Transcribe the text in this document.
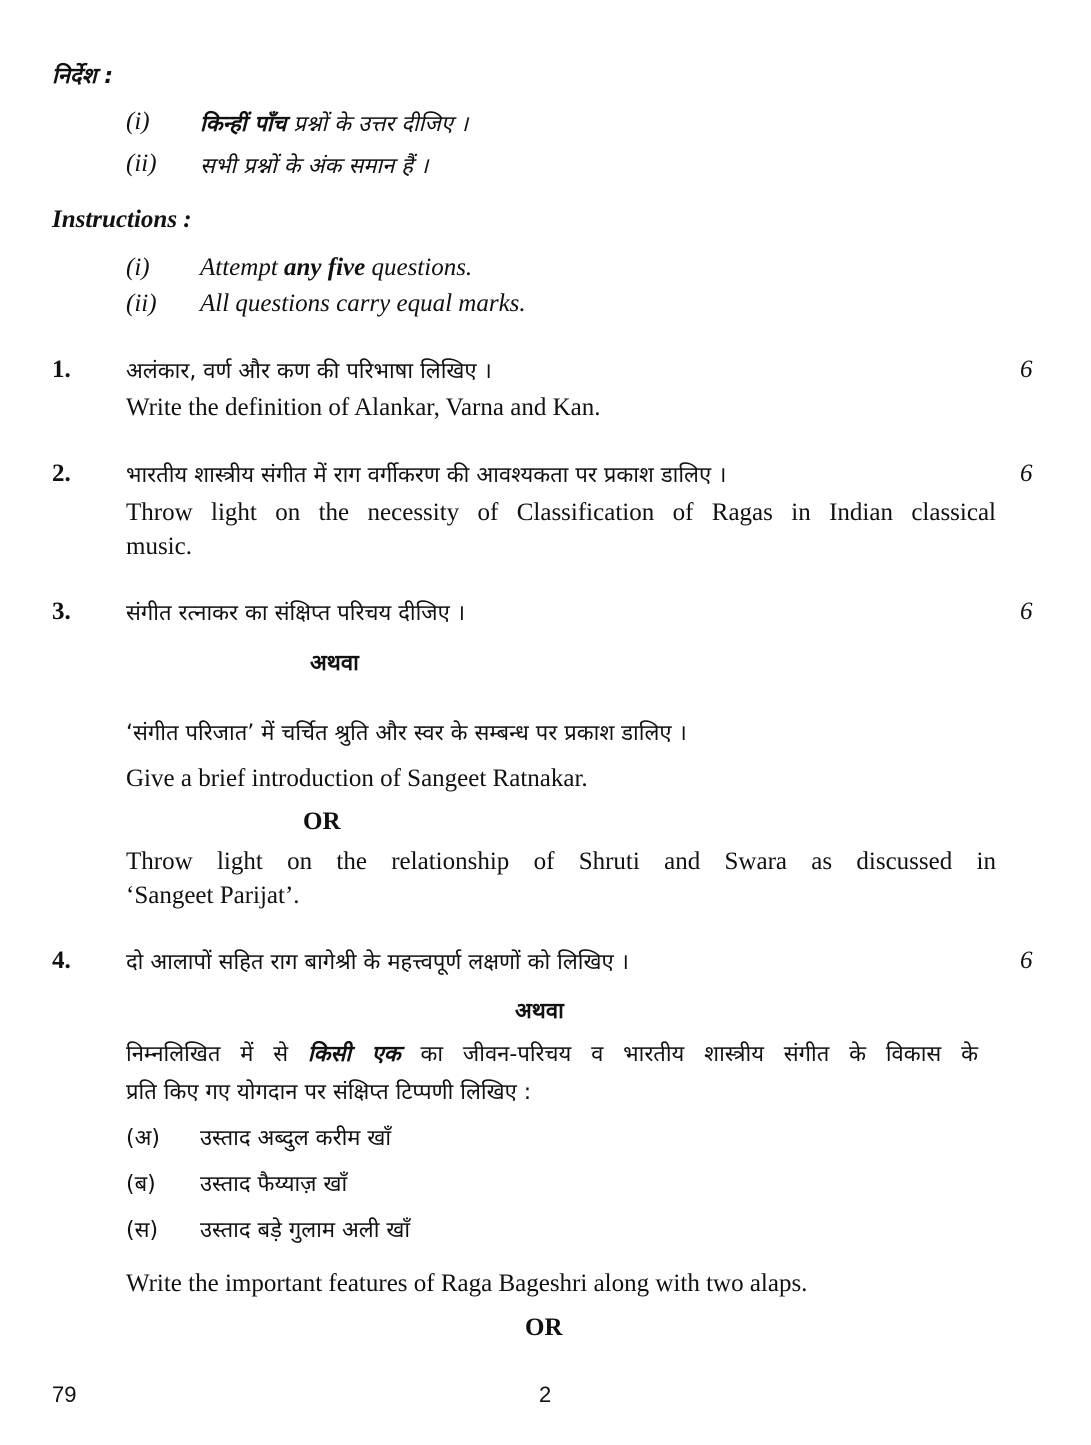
निर्देश :
(i) किन्हीं पाँच प्रश्नों के उत्तर दीजिए ।
(ii) सभी प्रश्नों के अंक समान हैं ।
Instructions :
(i) Attempt any five questions.
(ii) All questions carry equal marks.
1.	अलंकार, वर्ण और कण की परिभाषा लिखिए ।	6
Write the definition of Alankar, Varna and Kan.
2.	भारतीय शास्त्रीय संगीत में राग वर्गीकरण की आवश्यकता पर प्रकाश डालिए ।	6
Throw light on the necessity of Classification of Ragas in Indian classical
music.
3.	संगीत रत्नाकर का संक्षिप्त परिचय दीजिए ।	6
अथवा
‘संगीत परिजात’ में चर्चित श्रुति और स्वर के सम्बन्ध पर प्रकाश डालिए ।
Give a brief introduction of Sangeet Ratnakar.
OR
Throw light on the relationship of Shruti and Swara as discussed in
‘Sangeet Parijat’.
4.	दो आलापों सहित राग बागेश्री के महत्त्वपूर्ण लक्षणों को लिखिए ।	6
अथवा
निम्नलिखित में से किसी एक का जीवन-परिचय व भारतीय शास्त्रीय संगीत के विकास के
प्रति किए गए योगदान पर संक्षिप्त टिप्पणी लिखिए :
(अ) उस्ताद अब्दुल करीम खाँ
(ब) उस्ताद फैय्याज़ खाँ
(स) उस्ताद बड़े गुलाम अली खाँ
Write the important features of Raga Bageshri along with two alaps.
OR
79	2
